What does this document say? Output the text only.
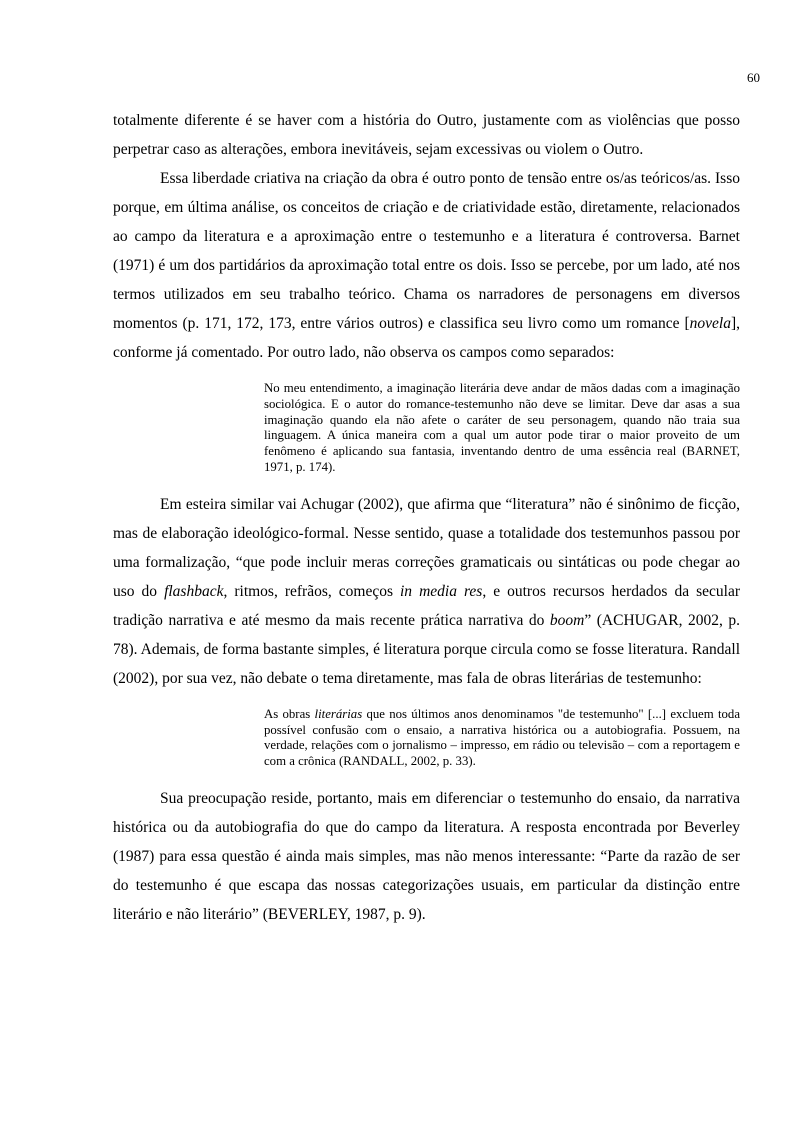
60

totalmente diferente é se haver com a história do Outro, justamente com as violências que posso perpetrar caso as alterações, embora inevitáveis, sejam excessivas ou violem o Outro.

Essa liberdade criativa na criação da obra é outro ponto de tensão entre os/as teóricos/as. Isso porque, em última análise, os conceitos de criação e de criatividade estão, diretamente, relacionados ao campo da literatura e a aproximação entre o testemunho e a literatura é controversa. Barnet (1971) é um dos partidários da aproximação total entre os dois. Isso se percebe, por um lado, até nos termos utilizados em seu trabalho teórico. Chama os narradores de personagens em diversos momentos (p. 171, 172, 173, entre vários outros) e classifica seu livro como um romance [novela], conforme já comentado. Por outro lado, não observa os campos como separados:

No meu entendimento, a imaginação literária deve andar de mãos dadas com a imaginação sociológica. E o autor do romance-testemunho não deve se limitar. Deve dar asas a sua imaginação quando ela não afete o caráter de seu personagem, quando não traia sua linguagem. A única maneira com a qual um autor pode tirar o maior proveito de um fenômeno é aplicando sua fantasia, inventando dentro de uma essência real (BARNET, 1971, p. 174).

Em esteira similar vai Achugar (2002), que afirma que “literatura” não é sinônimo de ficção, mas de elaboração ideológico-formal. Nesse sentido, quase a totalidade dos testemunhos passou por uma formalização, “que pode incluir meras correções gramaticais ou sintáticas ou pode chegar ao uso do flashback, ritmos, refrãos, começos in media res, e outros recursos herdados da secular tradição narrativa e até mesmo da mais recente prática narrativa do boom” (ACHUGAR, 2002, p. 78). Ademais, de forma bastante simples, é literatura porque circula como se fosse literatura. Randall (2002), por sua vez, não debate o tema diretamente, mas fala de obras literárias de testemunho:

As obras literárias que nos últimos anos denominamos "de testemunho" [...] excluem toda possível confusão com o ensaio, a narrativa histórica ou a autobiografia. Possuem, na verdade, relações com o jornalismo – impresso, em rádio ou televisão – com a reportagem e com a crônica (RANDALL, 2002, p. 33).

Sua preocupação reside, portanto, mais em diferenciar o testemunho do ensaio, da narrativa histórica ou da autobiografia do que do campo da literatura. A resposta encontrada por Beverley (1987) para essa questão é ainda mais simples, mas não menos interessante: “Parte da razão de ser do testemunho é que escapa das nossas categorizações usuais, em particular da distinção entre literário e não literário” (BEVERLEY, 1987, p. 9).
